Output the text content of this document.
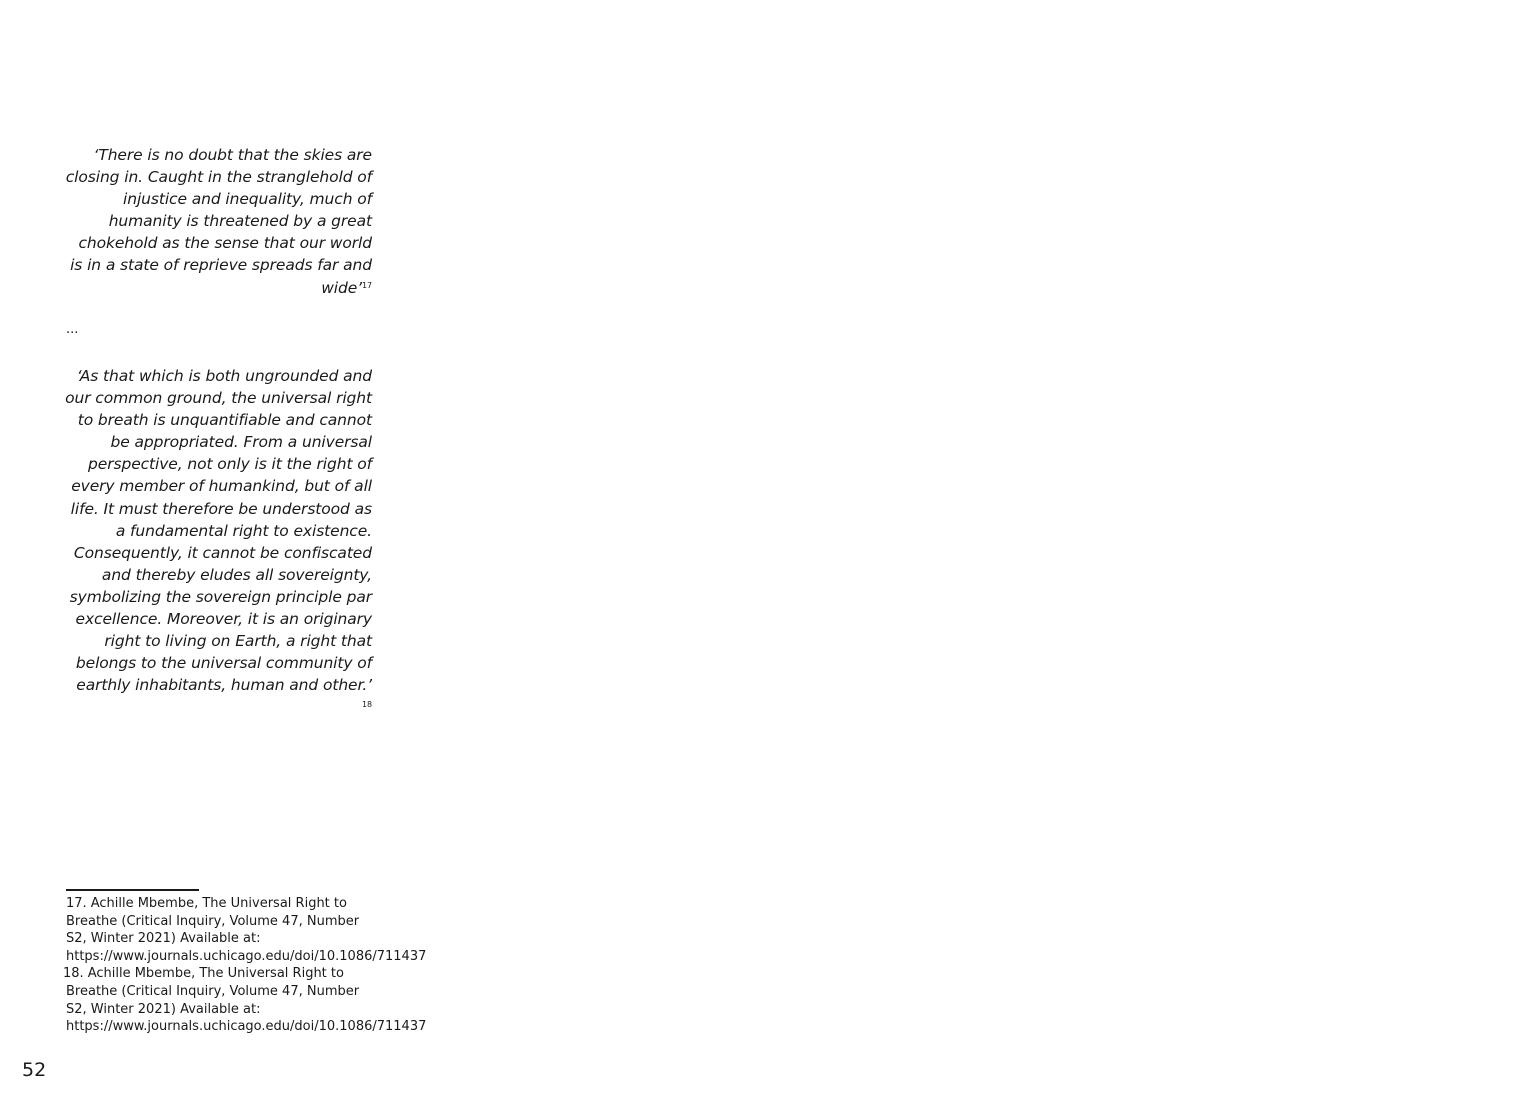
‘There is no doubt that the skies are closing in. Caught in the stranglehold of injustice and inequality, much of humanity is threatened by a great chokehold as the sense that our world is in a state of reprieve spreads far and wide’$^{17}$

...

‘As that which is both ungrounded and our common ground, the universal right to breath is unquantifiable and cannot be appropriated. From a universal perspective, not only is it the right of every member of humankind, but of all life. It must therefore be understood as a fundamental right to existence. Consequently, it cannot be confiscated and thereby eludes all sovereignty, symbolizing the sovereign principle par excellence. Moreover, it is an originary right to living on Earth, a right that belongs to the universal community of earthly inhabitants, human and other.’ $^{18}$

17. Achille Mbembe, The Universal Right to Breathe (Critical Inquiry, Volume 47, Number S2, Winter 2021) Available at: https://www.journals.uchicago.edu/doi/10.1086/711437

18. Achille Mbembe, The Universal Right to Breathe (Critical Inquiry, Volume 47, Number S2, Winter 2021) Available at: https://www.journals.uchicago.edu/doi/10.1086/711437

52
